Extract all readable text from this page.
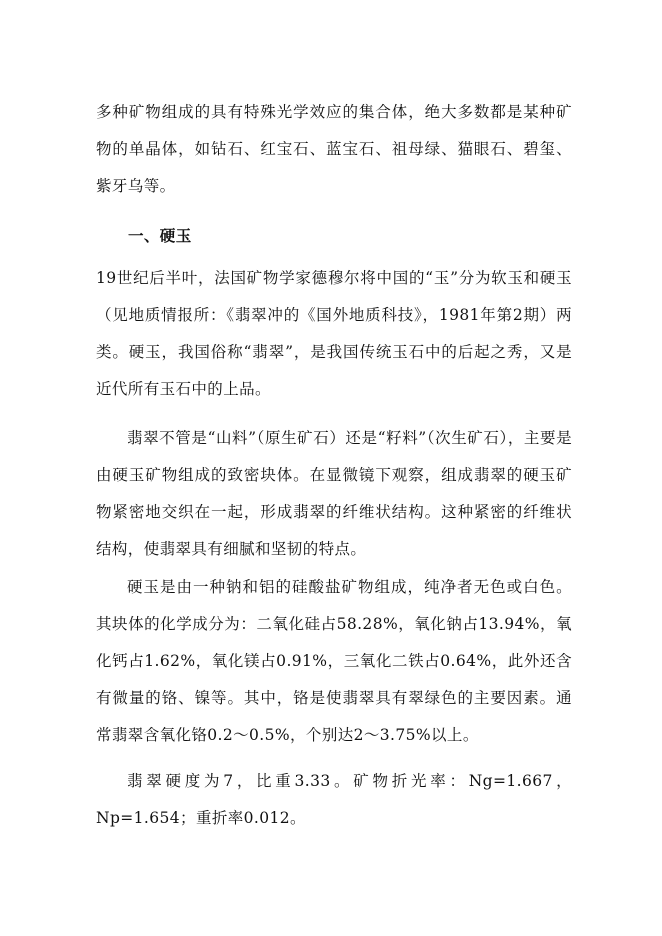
多种矿物组成的具有特殊光学效应的集合体，绝大多数都是某种矿物的单晶体，如钻石、红宝石、蓝宝石、祖母绿、猫眼石、碧玺、紫牙乌等。

一、硬玉

19世纪后半叶，法国矿物学家德穆尔将中国的“玉”分为软玉和硬玉（见地质情报所：《翡翠冲的《国外地质科技》，1981年第2期）两类。硬玉，我国俗称“翡翠”，是我国传统玉石中的后起之秀，又是近代所有玉石中的上品。

翡翠不管是“山料”（原生矿石）还是“籽料”（次生矿石），主要是由硬玉矿物组成的致密块体。在显微镜下观察，组成翡翠的硬玉矿物紧密地交织在一起，形成翡翠的纤维状结构。这种紧密的纤维状结构，使翡翠具有细腻和坚韧的特点。

硬玉是由一种钠和铝的硅酸盐矿物组成，纯净者无色或白色。其块体的化学成分为：二氧化硅占58.28%，氧化钠占13.94%，氧化钙占1.62%，氧化镁占0.91%，三氧化二铁占0.64%，此外还含有微量的铬、镍等。其中，铬是使翡翠具有翠绿色的主要因素。通常翡翠含氧化铬0.2～0.5%，个别达2～3.75%以上。

翡翠硬度为7，比重3.33。矿物折光率：Ng=1.667，Np=1.654；重折率0.012。
